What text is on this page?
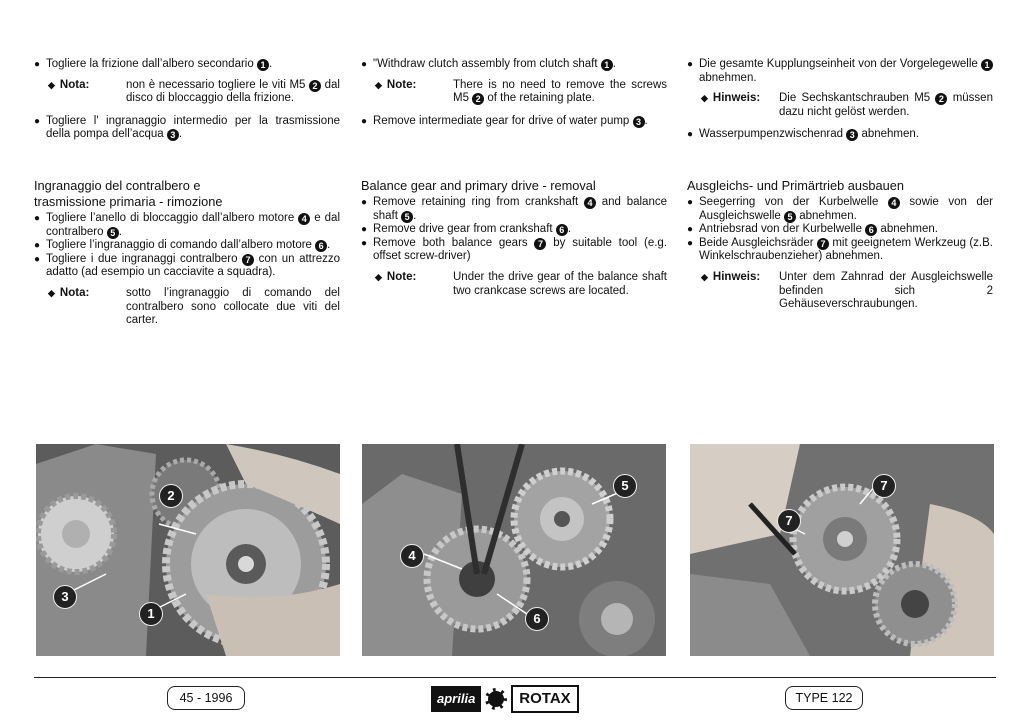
● Togliere la frizione dall’albero secondario 1 .

◆ Nota:	non è necessario togliere le viti M5 2 dal disco di bloccaggio della frizione.

● Togliere l' ingranaggio intermedio per la trasmissione della pompa dell’acqua 3 .

Ingranaggio del contralbero e
trasmissione primaria - rimozione

● Togliere l’anello di bloccaggio dall’albero motore 4 e dal contralbero 5 .

● Togliere l’ingranaggio di comando dall’albero motore 6 .

● Togliere i due ingranaggi contralbero 7 con un attrezzo adatto (ad esempio un cacciavite a squadra).

◆ Nota:	sotto l’ingranaggio di comando del contralbero sono collocate due viti del carter.

● "Withdraw clutch assembly from clutch shaft 1 .

◆ Note:	There is no need to remove the screws M5 2 of the retaining plate.

● Remove intermediate gear for drive of water pump 3 .

Balance gear and primary drive - removal

● Remove retaining ring from crankshaft 4 and balance shaft 5 .

● Remove drive gear from crankshaft 6 .

● Remove both balance gears 7 by suitable tool (e.g. offset screw-driver)

◆ Note:	Under the drive gear of the balance shaft two crankcase screws are located.

● Die gesamte Kupplungseinheit von der Vorgelegewelle 1 abnehmen.

◆ Hinweis:	Die Sechskantschrauben M5 2 müssen dazu nicht gelöst werden.

● Wasserpumpenzwischenrad 3 abnehmen.

Ausgleichs- und Primärtrieb ausbauen

● Seegerring von der Kurbelwelle 4 sowie von der Ausgleichswelle 5 abnehmen.

● Antriebsrad von der Kurbelwelle 6 abnehmen.

● Beide Ausgleichsräder 7 mit geeignetem Werkzeug (z.B. Winkelschraubenzieher) abnehmen.

◆ Hinweis:	Unter dem Zahnrad der Ausgleichswelle befinden sich 2 Gehäuseverschraubungen.
2
3
1
5
4
6
7
7
45 - 1996	aprilia	ROTAX	TYPE 122
